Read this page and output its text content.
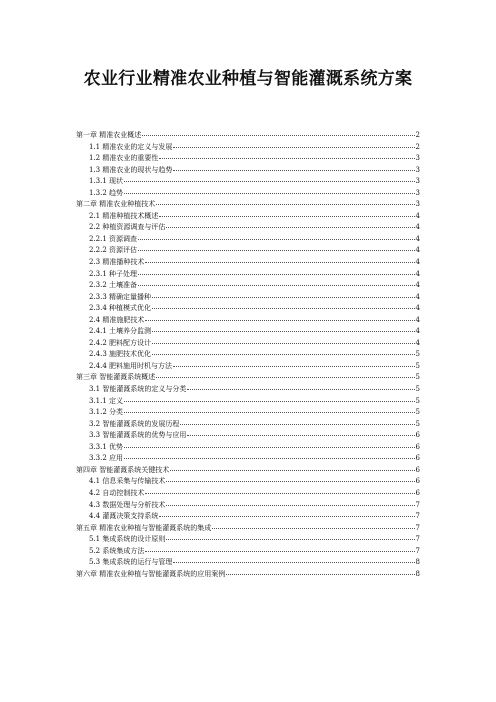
农业行业精准农业种植与智能灌溉系统方案
第一章 精准农业概述	2
1.1 精准农业的定义与发展	2
1.2 精准农业的重要性	3
1.3 精准农业的现状与趋势	3
1.3.1 现状	3
1.3.2 趋势	3
第二章 精准农业种植技术	3
2.1 精准种植技术概述	4
2.2 种植资源调查与评估	4
2.2.1 资源调查	4
2.2.2 资源评估	4
2.3 精准播种技术	4
2.3.1 种子处理	4
2.3.2 土壤准备	4
2.3.3 精确定量播种	4
2.3.4 种植模式优化	4
2.4 精准施肥技术	4
2.4.1 土壤养分监测	4
2.4.2 肥料配方设计	4
2.4.3 施肥技术优化	5
2.4.4 肥料施用时机与方法	5
第三章 智能灌溉系统概述	5
3.1 智能灌溉系统的定义与分类	5
3.1.1 定义	5
3.1.2 分类	5
3.2 智能灌溉系统的发展历程	5
3.3 智能灌溉系统的优势与应用	6
3.3.1 优势	6
3.3.2 应用	6
第四章 智能灌溉系统关键技术	6
4.1 信息采集与传输技术	6
4.2 自动控制技术	6
4.3 数据处理与分析技术	7
4.4 灌溉决策支持系统	7
第五章 精准农业种植与智能灌溉系统的集成	7
5.1 集成系统的设计原则	7
5.2 系统集成方法	7
5.3 集成系统的运行与管理	8
第六章 精准农业种植与智能灌溉系统的应用案例	8
